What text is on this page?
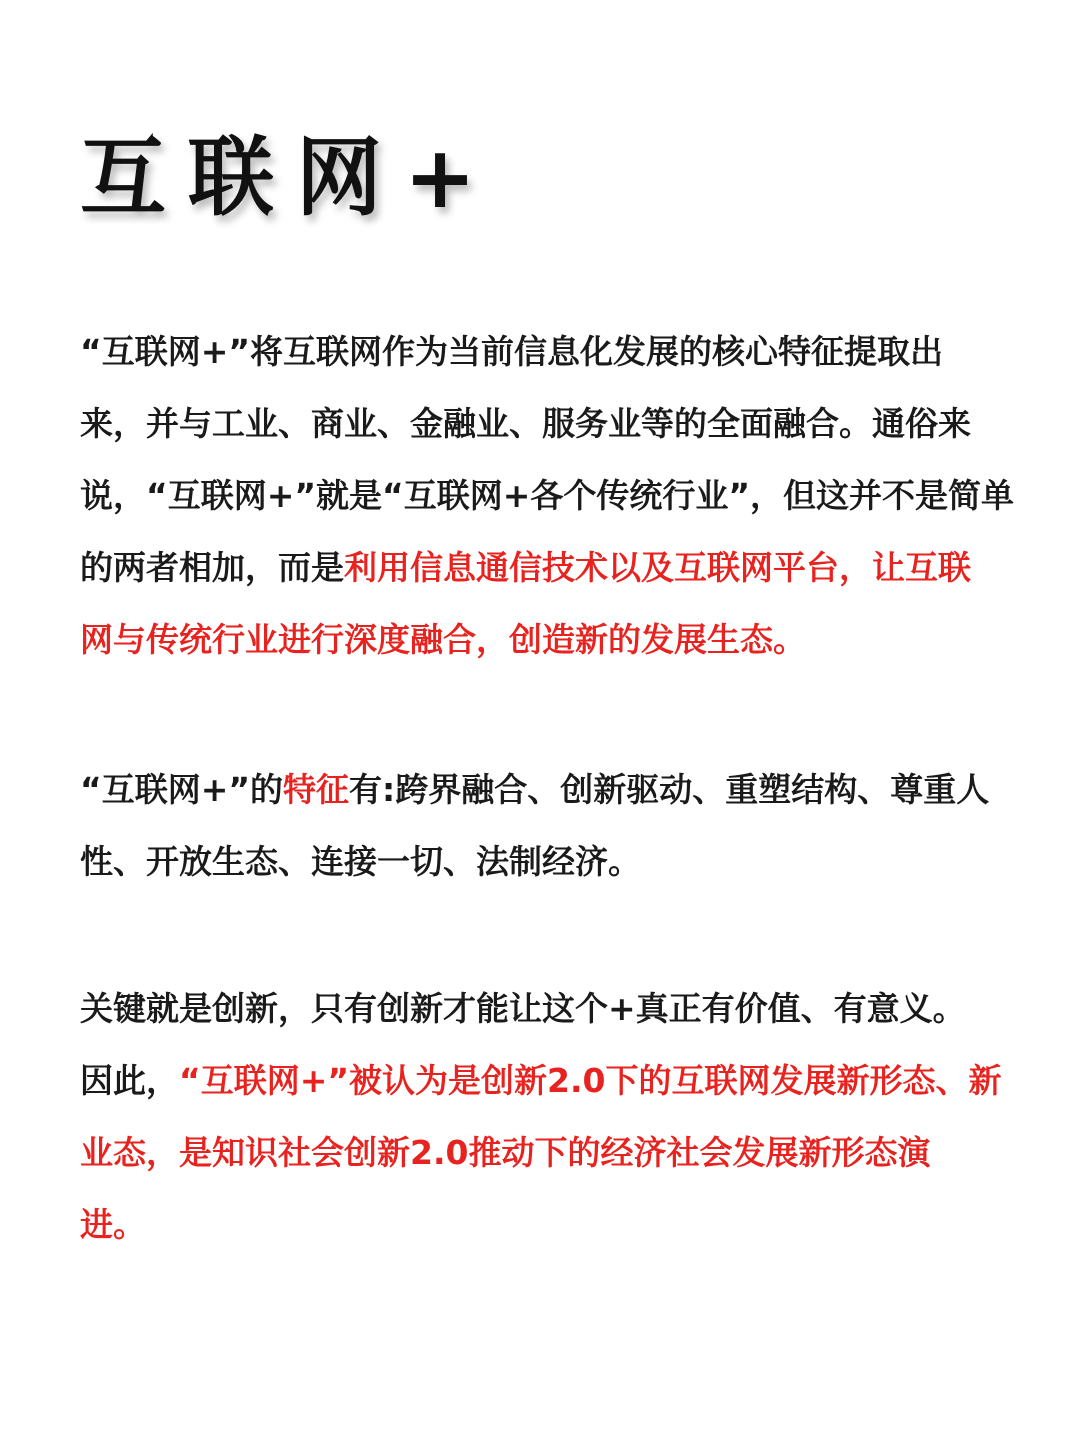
互联网+
“互联网+”将互联网作为当前信息化发展的核心特征提取出
来，并与工业、商业、金融业、服务业等的全面融合。通俗来
说，“互联网+”就是“互联网+各个传统行业”，但这并不是简单
的两者相加，而是利用信息通信技术以及互联网平台，让互联
网与传统行业进行深度融合，创造新的发展生态。
“互联网+”的特征有:跨界融合、创新驱动、重塑结构、尊重人
性、开放生态、连接一切、法制经济。
关键就是创新，只有创新才能让这个+真正有价值、有意义。
因此，“互联网+”被认为是创新2.0下的互联网发展新形态、新
业态，是知识社会创新2.0推动下的经济社会发展新形态演
进。
